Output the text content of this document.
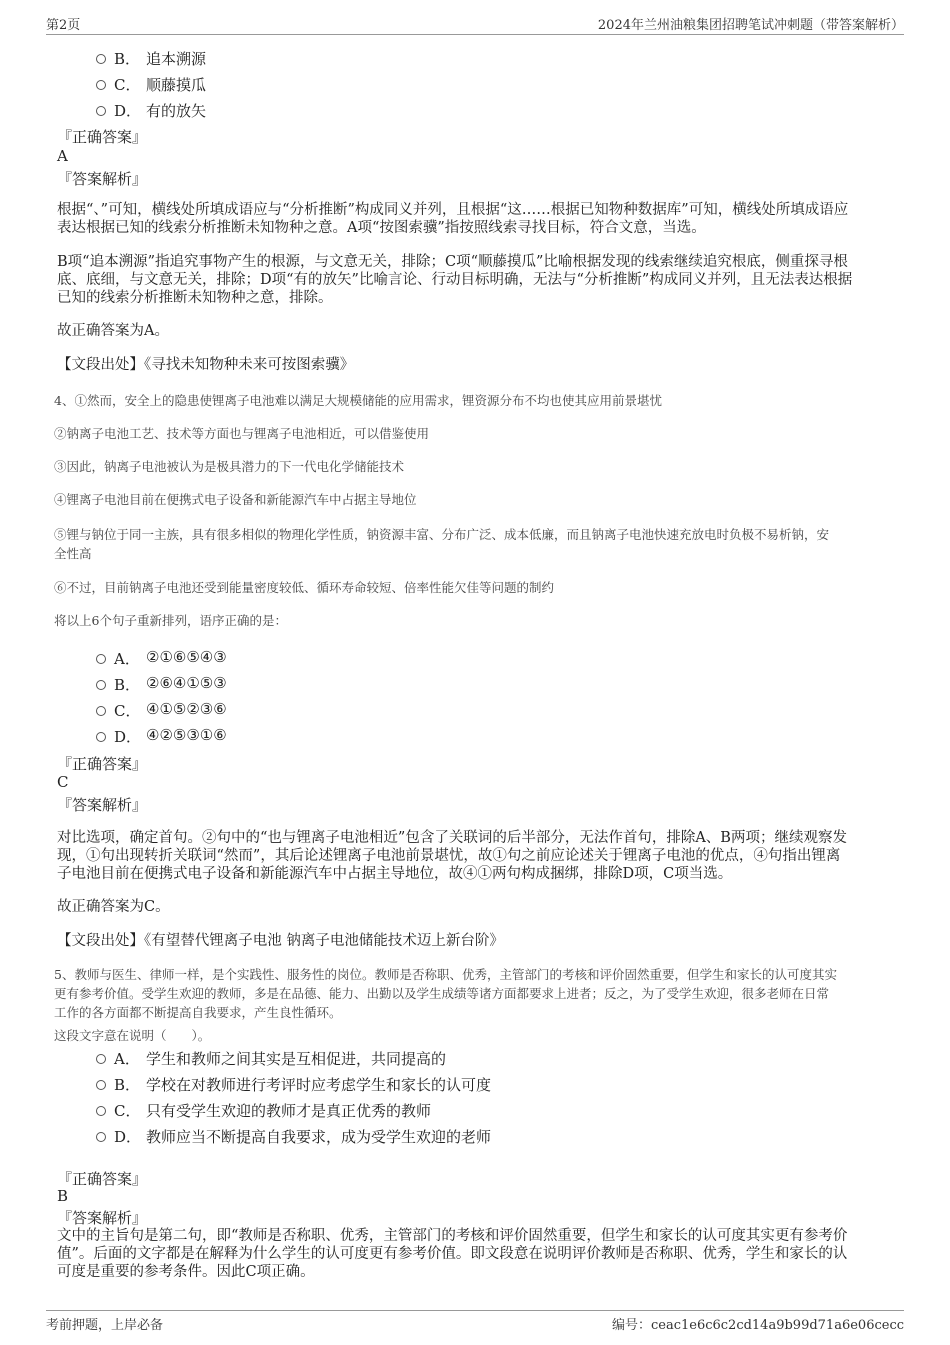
第2页	2024年兰州油粮集团招聘笔试冲刺题（带答案解析）
B． 追本溯源
C． 顺藤摸瓜
D． 有的放矢
『正确答案』
A
『答案解析』
根据“、”可知，横线处所填成语应与“分析推断”构成同义并列，且根据“这……根据已知物种数据库”可知，横线处所填成语应
表达根据已知的线索分析推断未知物种之意。A项“按图索骥”指按照线索寻找目标，符合文意，当选。
B项“追本溯源”指追究事物产生的根源，与文意无关，排除；C项“顺藤摸瓜”比喻根据发现的线索继续追究根底，侧重探寻根
底、底细，与文意无关，排除；D项“有的放矢”比喻言论、行动目标明确，无法与“分析推断”构成同义并列，且无法表达根据
已知的线索分析推断未知物种之意，排除。
故正确答案为A。
【文段出处】《寻找未知物种未来可按图索骥》
4、①然而，安全上的隐患使锂离子电池难以满足大规模储能的应用需求，锂资源分布不均也使其应用前景堪忧
②钠离子电池工艺、技术等方面也与锂离子电池相近，可以借鉴使用
③因此，钠离子电池被认为是极具潜力的下一代电化学储能技术
④锂离子电池目前在便携式电子设备和新能源汽车中占据主导地位
⑤锂与钠位于同一主族，具有很多相似的物理化学性质，钠资源丰富、分布广泛、成本低廉，而且钠离子电池快速充放电时负极不易析钠，安
全性高
⑥不过，目前钠离子电池还受到能量密度较低、循环寿命较短、倍率性能欠佳等问题的制约
将以上6个句子重新排列，语序正确的是：
A． ②①⑥⑤④③
B． ②⑥④①⑤③
C． ④①⑤②③⑥
D． ④②⑤③①⑥
『正确答案』
C
『答案解析』
对比选项，确定首句。②句中的“也与锂离子电池相近”包含了关联词的后半部分，无法作首句，排除A、B两项；继续观察发
现，①句出现转折关联词“然而”，其后论述锂离子电池前景堪忧，故①句之前应论述关于锂离子电池的优点，④句指出锂离
子电池目前在便携式电子设备和新能源汽车中占据主导地位，故④①两句构成捆绑，排除D项，C项当选。
故正确答案为C。
【文段出处】《有望替代锂离子电池 钠离子电池储能技术迈上新台阶》
5、教师与医生、律师一样，是个实践性、服务性的岗位。教师是否称职、优秀，主管部门的考核和评价固然重要，但学生和家长的认可度其实
更有参考价值。受学生欢迎的教师，多是在品德、能力、出勤以及学生成绩等诸方面都要求上进者；反之，为了受学生欢迎，很多老师在日常
工作的各方面都不断提高自我要求，产生良性循环。
这段文字意在说明（　　）。
A． 学生和教师之间其实是互相促进，共同提高的
B． 学校在对教师进行考评时应考虑学生和家长的认可度
C． 只有受学生欢迎的教师才是真正优秀的教师
D． 教师应当不断提高自我要求，成为受学生欢迎的老师
『正确答案』
B
『答案解析』
文中的主旨句是第二句，即“教师是否称职、优秀，主管部门的考核和评价固然重要，但学生和家长的认可度其实更有参考价
值”。后面的文字都是在解释为什么学生的认可度更有参考价值。即文段意在说明评价教师是否称职、优秀，学生和家长的认
可度是重要的参考条件。因此C项正确。
考前押题，上岸必备	编号：ceac1e6c6c2cd14a9b99d71a6e06cecc
